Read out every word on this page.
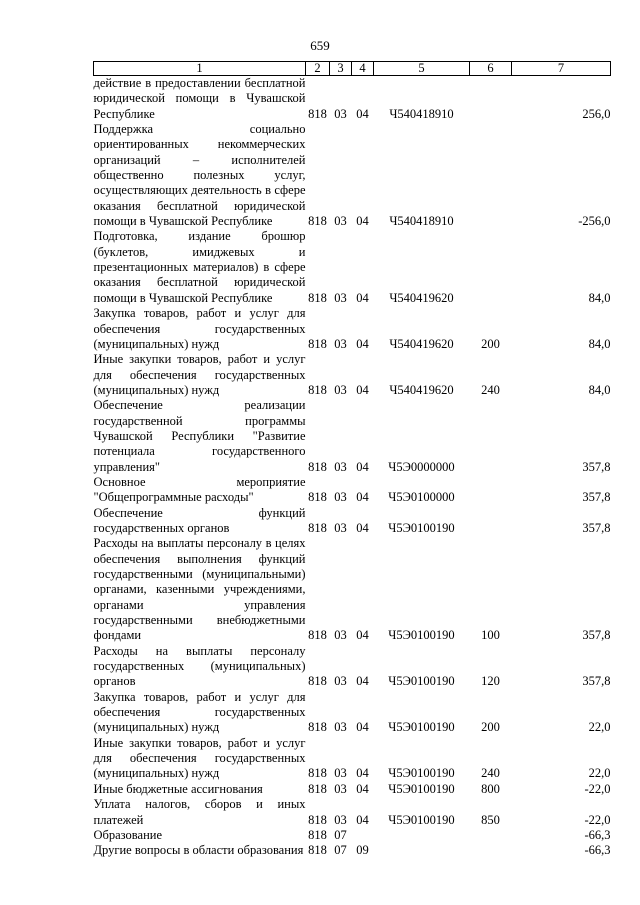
659
1	2	3	4	5	6	7
действие в предоставлении бесплатной юридической помощи в Чувашской Республике	818	03	04	Ч540418910		256,0
Поддержка социально ориентированных некоммерческих организаций – исполнителей общественно полезных услуг, осуществляющих деятельность в сфере оказания бесплатной юридической помощи в Чувашской Республике	818	03	04	Ч540418910		-256,0
Подготовка, издание брошюр (буклетов, имиджевых и презентационных материалов) в сфере оказания бесплатной юридической помощи в Чувашской Республике	818	03	04	Ч540419620		84,0
Закупка товаров, работ и услуг для обеспечения государственных (муниципальных) нужд	818	03	04	Ч540419620	200	84,0
Иные закупки товаров, работ и услуг для обеспечения государственных (муниципальных) нужд	818	03	04	Ч540419620	240	84,0
Обеспечение реализации государственной программы Чувашской Республики "Развитие потенциала государственного управления"	818	03	04	Ч5Э0000000		357,8
Основное мероприятие "Общепрограммные расходы"	818	03	04	Ч5Э0100000		357,8
Обеспечение функций государственных органов	818	03	04	Ч5Э0100190		357,8
Расходы на выплаты персоналу в целях обеспечения выполнения функций государственными (муниципальными) органами, казенными учреждениями, органами управления государственными внебюджетными фондами	818	03	04	Ч5Э0100190	100	357,8
Расходы на выплаты персоналу государственных (муниципальных) органов	818	03	04	Ч5Э0100190	120	357,8
Закупка товаров, работ и услуг для обеспечения государственных (муниципальных) нужд	818	03	04	Ч5Э0100190	200	22,0
Иные закупки товаров, работ и услуг для обеспечения государственных (муниципальных) нужд	818	03	04	Ч5Э0100190	240	22,0
Иные бюджетные ассигнования	818	03	04	Ч5Э0100190	800	-22,0
Уплата налогов, сборов и иных платежей	818	03	04	Ч5Э0100190	850	-22,0
Образование	818	07				-66,3
Другие вопросы в области образования	818	07	09			-66,3
